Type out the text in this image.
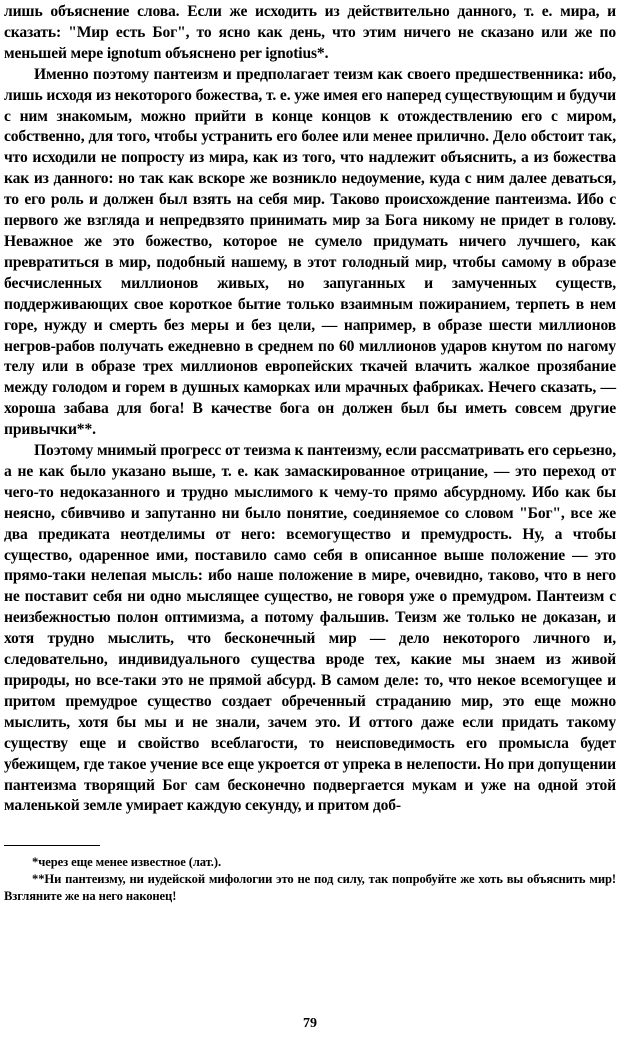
лишь объяснение слова. Если же исходить из действительно данного, т. е. мира, и сказать: "Мир есть Бог", то ясно как день, что этим ничего не сказано или же по меньшей мере ignotum объяснено per ignotius*.

Именно поэтому пантеизм и предполагает теизм как своего предшественника: ибо, лишь исходя из некоторого божества, т. е. уже имея его наперед существующим и будучи с ним знакомым, можно прийти в конце концов к отождествлению его с миром, собственно, для того, чтобы устранить его более или менее прилично. Дело обстоит так, что исходили не попросту из мира, как из того, что надлежит объяснить, а из божества как из данного: но так как вскоре же возникло недоумение, куда с ним далее деваться, то его роль и должен был взять на себя мир. Таково происхождение пантеизма. Ибо с первого же взгляда и непредвзято принимать мир за Бога никому не придет в голову. Неважное же это божество, которое не сумело придумать ничего лучшего, как превратиться в мир, подобный нашему, в этот голодный мир, чтобы самому в образе бесчисленных миллионов живых, но запуганных и замученных существ, поддерживающих свое короткое бытие только взаимным пожиранием, терпеть в нем горе, нужду и смерть без меры и без цели, — например, в образе шести миллионов негров-рабов получать ежедневно в среднем по 60 миллионов ударов кнутом по нагому телу или в образе трех миллионов европейских ткачей влачить жалкое прозябание между голодом и горем в душных каморках или мрачных фабриках. Нечего сказать, — хороша забава для бога! В качестве бога он должен был бы иметь совсем другие привычки**.

Поэтому мнимый прогресс от теизма к пантеизму, если рассматривать его серьезно, а не как было указано выше, т. е. как замаскированное отрицание, — это переход от чего-то недоказанного и трудно мыслимого к чему-то прямо абсурдному. Ибо как бы неясно, сбивчиво и запутанно ни было понятие, соединяемое со словом "Бог", все же два предиката неотделимы от него: всемогущество и премудрость. Ну, а чтобы существо, одаренное ими, поставило само себя в описанное выше положение — это прямо-таки нелепая мысль: ибо наше положение в мире, очевидно, таково, что в него не поставит себя ни одно мыслящее существо, не говоря уже о премудром. Пантеизм с неизбежностью полон оптимизма, а потому фальшив. Теизм же только не доказан, и хотя трудно мыслить, что бесконечный мир — дело некоторого личного и, следовательно, индивидуального существа вроде тех, какие мы знаем из живой природы, но все-таки это не прямой абсурд. В самом деле: то, что некое всемогущее и притом премудрое существо создает обреченный страданию мир, это еще можно мыслить, хотя бы мы и не знали, зачем это. И оттого даже если придать такому существу еще и свойство всеблагости, то неисповедимость его промысла будет убежищем, где такое учение все еще укроется от упрека в нелепости. Но при допущении пантеизма творящий Бог сам бесконечно подвергается мукам и уже на одной этой маленькой земле умирает каждую секунду, и притом доб-

*через еще менее известное (лат.).

**Ни пантеизму, ни иудейской мифологии это не под силу, так попробуйте же хоть вы объяснить мир! Взгляните же на него наконец!

79
